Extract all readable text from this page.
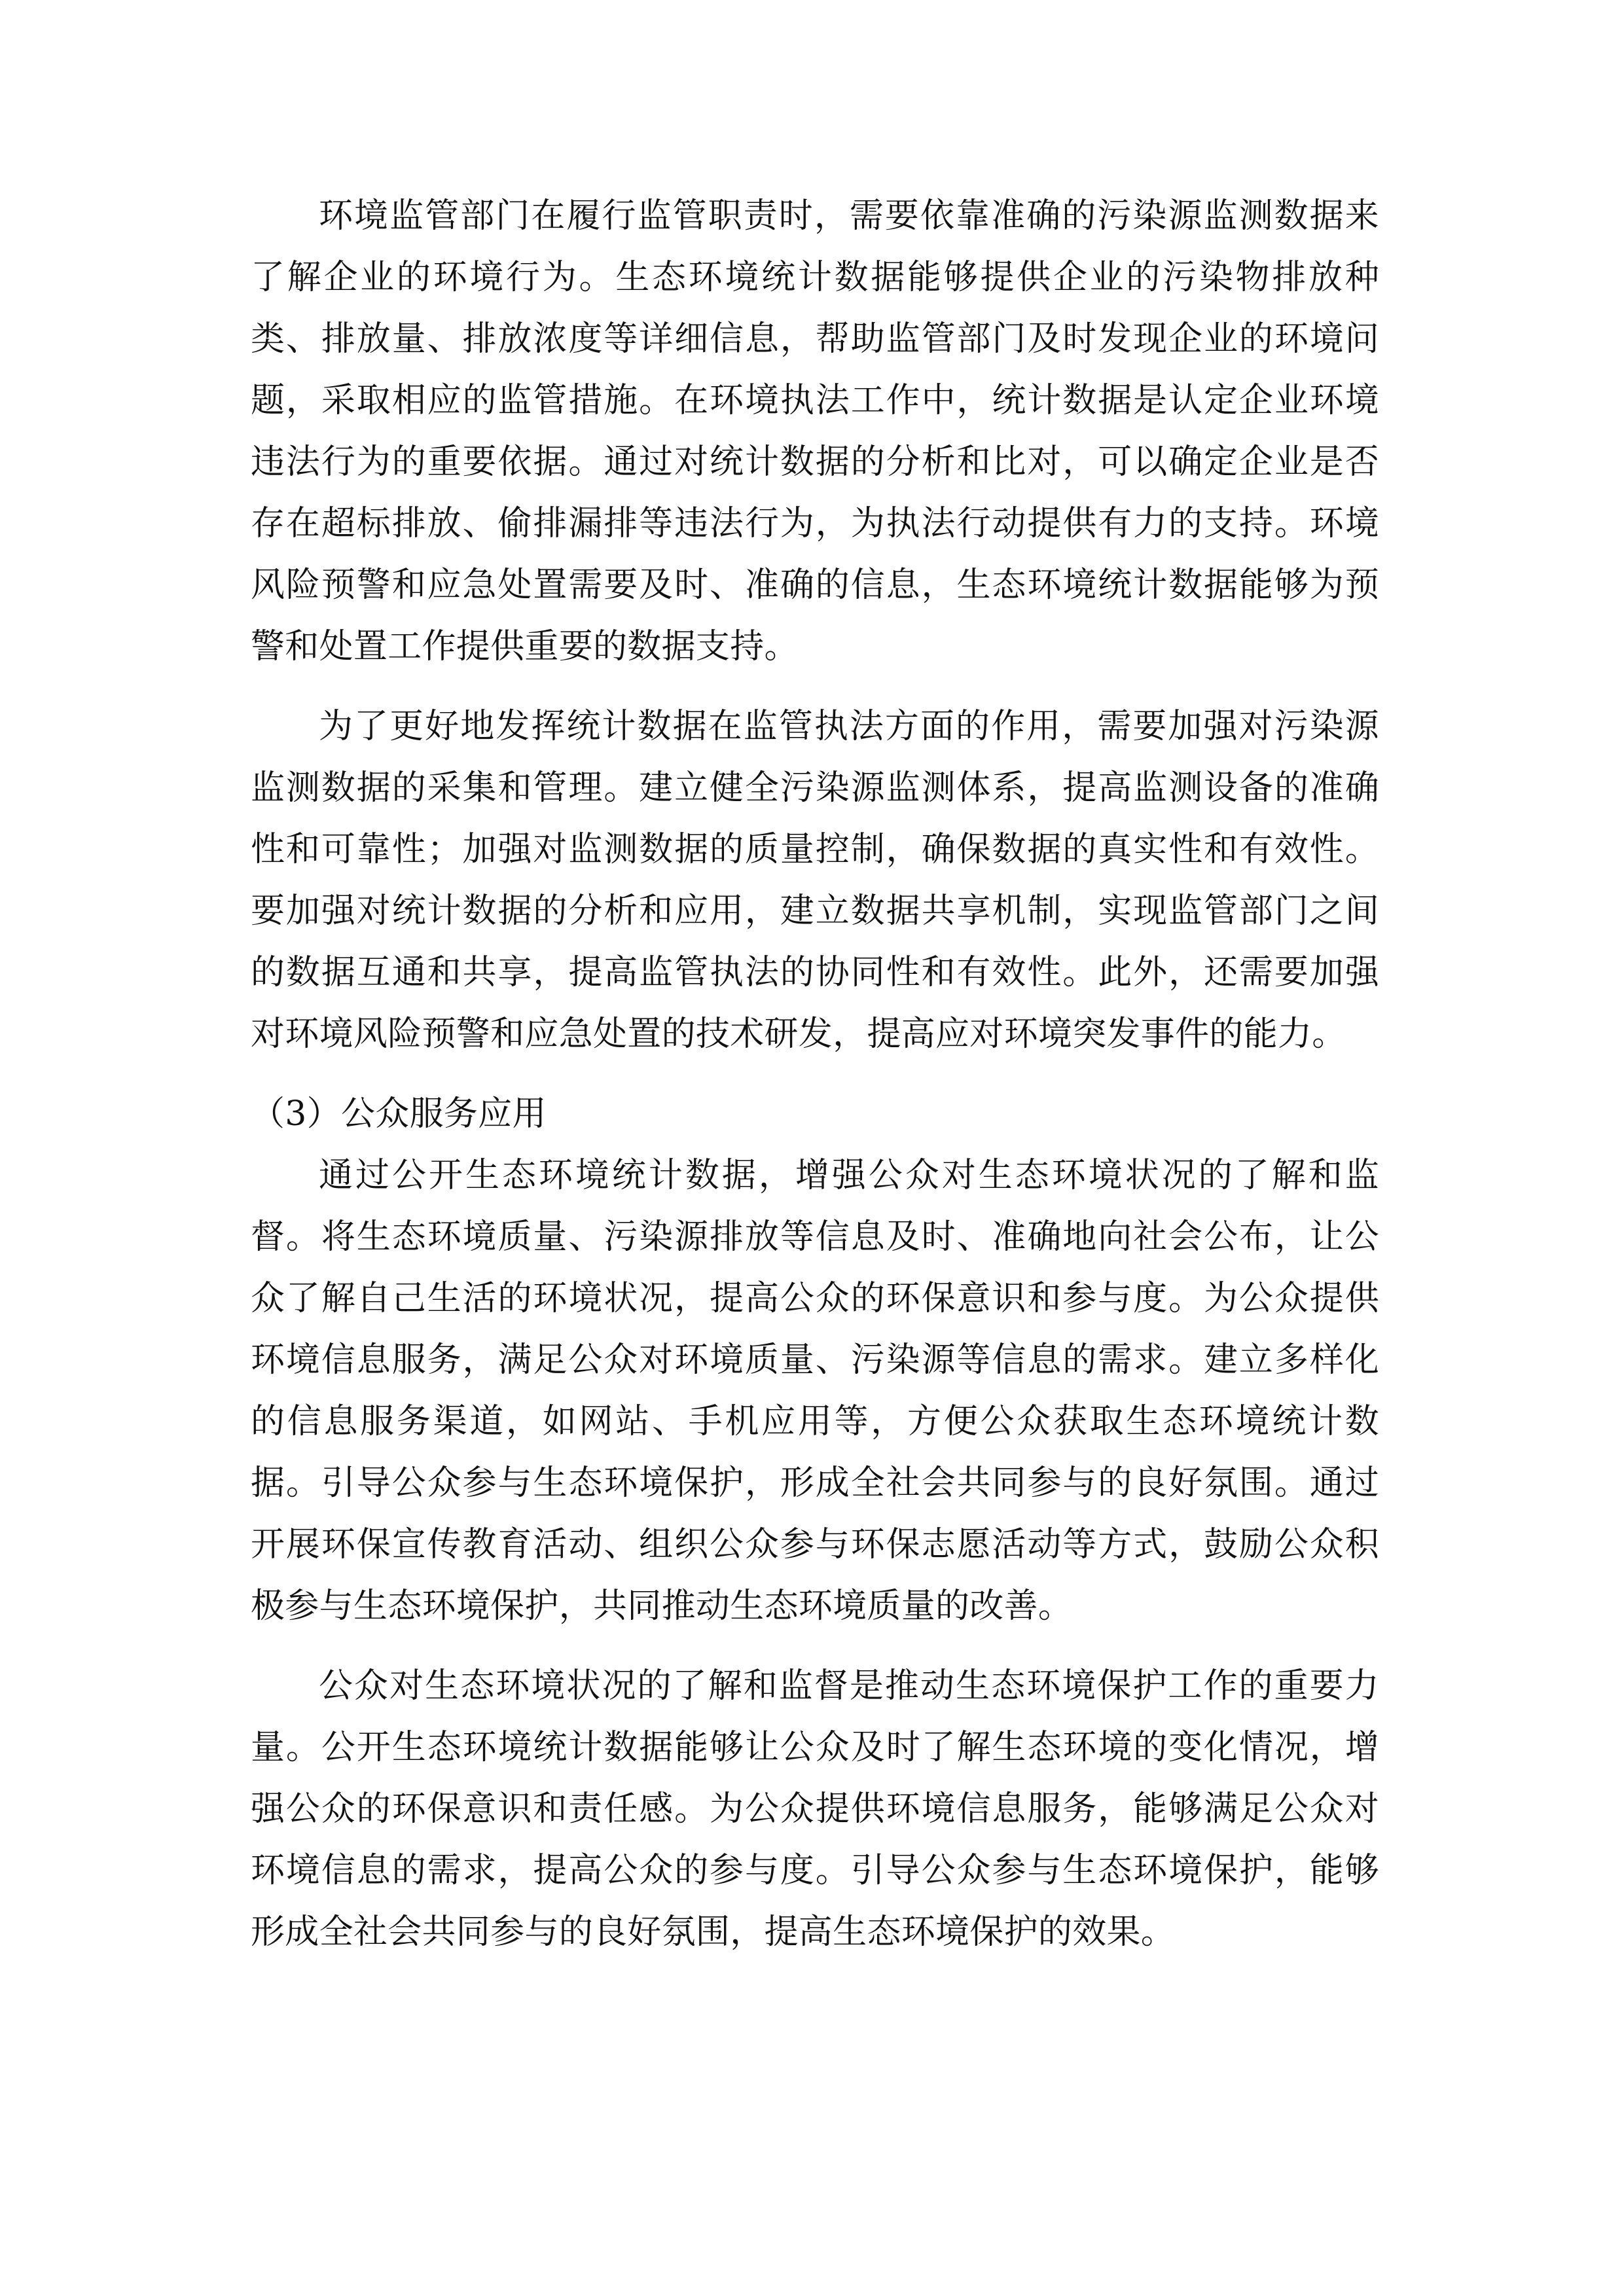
环境监管部门在履行监管职责时，需要依靠准确的污染源监测数据来了解企业的环境行为。生态环境统计数据能够提供企业的污染物排放种类、排放量、排放浓度等详细信息，帮助监管部门及时发现企业的环境问题，采取相应的监管措施。在环境执法工作中，统计数据是认定企业环境违法行为的重要依据。通过对统计数据的分析和比对，可以确定企业是否存在超标排放、偷排漏排等违法行为，为执法行动提供有力的支持。环境风险预警和应急处置需要及时、准确的信息，生态环境统计数据能够为预警和处置工作提供重要的数据支持。

为了更好地发挥统计数据在监管执法方面的作用，需要加强对污染源监测数据的采集和管理。建立健全污染源监测体系，提高监测设备的准确性和可靠性；加强对监测数据的质量控制，确保数据的真实性和有效性。要加强对统计数据的分析和应用，建立数据共享机制，实现监管部门之间的数据互通和共享，提高监管执法的协同性和有效性。此外，还需要加强对环境风险预警和应急处置的技术研发，提高应对环境突发事件的能力。

（3）公众服务应用

通过公开生态环境统计数据，增强公众对生态环境状况的了解和监督。将生态环境质量、污染源排放等信息及时、准确地向社会公布，让公众了解自己生活的环境状况，提高公众的环保意识和参与度。为公众提供环境信息服务，满足公众对环境质量、污染源等信息的需求。建立多样化的信息服务渠道，如网站、手机应用等，方便公众获取生态环境统计数据。引导公众参与生态环境保护，形成全社会共同参与的良好氛围。通过开展环保宣传教育活动、组织公众参与环保志愿活动等方式，鼓励公众积极参与生态环境保护，共同推动生态环境质量的改善。

公众对生态环境状况的了解和监督是推动生态环境保护工作的重要力量。公开生态环境统计数据能够让公众及时了解生态环境的变化情况，增强公众的环保意识和责任感。为公众提供环境信息服务，能够满足公众对环境信息的需求，提高公众的参与度。引导公众参与生态环境保护，能够形成全社会共同参与的良好氛围，提高生态环境保护的效果。
